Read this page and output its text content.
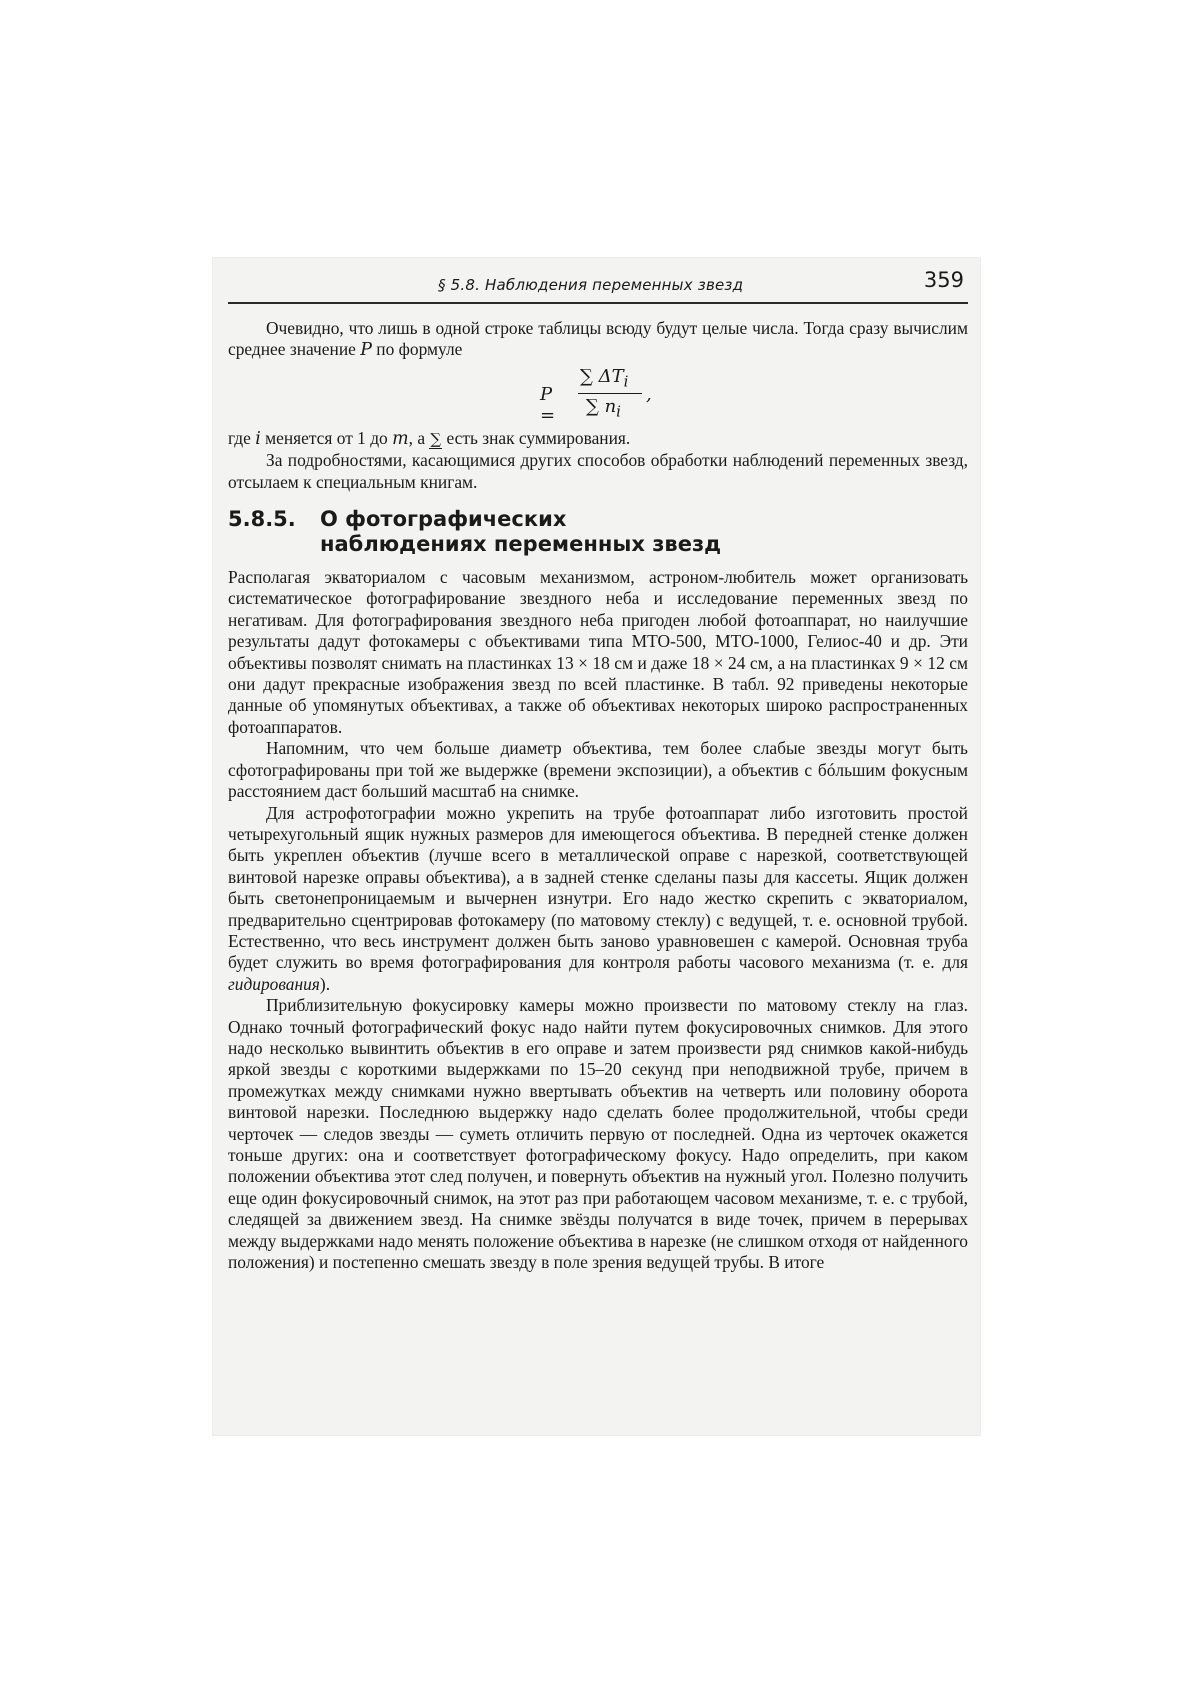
§ 5.8. Наблюдения переменных звезд	359

Очевидно, что лишь в одной строке таблицы всюду будут целые числа. Тогда сразу вычислим среднее значение P по формуле

P =
∑ $\Delta T_i$
∑ $n_i$
,

где i меняется от 1 до m, а ∑ есть знак суммирования.

За подробностями, касающимися других способов обработки наблюдений переменных звезд, отсылаем к специальным книгам.

5.8.5.	О фотографических наблюдениях переменных звезд

Располагая экваториалом с часовым механизмом, астроном-любитель может организовать систематическое фотографирование звездного неба и исследование переменных звезд по негативам. Для фотографирования звездного неба пригоден любой фотоаппарат, но наилучшие результаты дадут фотокамеры с объективами типа МТО-500, МТО-1000, Гелиос-40 и др. Эти объективы позволят снимать на пластинках 13 × 18 см и даже 18 × 24 см, а на пластинках 9 × 12 см они дадут прекрасные изображения звезд по всей пластинке. В табл. 92 приведены некоторые данные об упомянутых объективах, а также об объективах некоторых широко распространенных фотоаппаратов.

Напомним, что чем больше диаметр объектива, тем более слабые звезды могут быть сфотографированы при той же выдержке (времени экспозиции), а объектив с бóльшим фокусным расстоянием даст больший масштаб на снимке.

Для астрофотографии можно укрепить на трубе фотоаппарат либо изготовить простой четырехугольный ящик нужных размеров для имеющегося объектива. В передней стенке должен быть укреплен объектив (лучше всего в металлической оправе с нарезкой, соответствующей винтовой нарезке оправы объектива), а в задней стенке сделаны пазы для кассеты. Ящик должен быть светонепроницаемым и вычернен изнутри. Его надо жестко скрепить с экваториалом, предварительно сцентрировав фотокамеру (по матовому стеклу) с ведущей, т. е. основной трубой. Естественно, что весь инструмент должен быть заново уравновешен с камерой. Основная труба будет служить во время фотографирования для контроля работы часового механизма (т. е. для гидирования).

Приблизительную фокусировку камеры можно произвести по матовому стеклу на глаз. Однако точный фотографический фокус надо найти путем фокусировочных снимков. Для этого надо несколько вывинтить объектив в его оправе и затем произвести ряд снимков какой-нибудь яркой звезды с короткими выдержками по 15–20 секунд при неподвижной трубе, причем в промежутках между снимками нужно ввертывать объектив на четверть или половину оборота винтовой нарезки. Последнюю выдержку надо сделать более продолжительной, чтобы среди черточек — следов звезды — суметь отличить первую от последней. Одна из черточек окажется тоньше других: она и соответствует фотографическому фокусу. Надо определить, при каком положении объектива этот след получен, и повернуть объектив на нужный угол. Полезно получить еще один фокусировочный снимок, на этот раз при работающем часовом механизме, т. е. с трубой, следящей за движением звезд. На снимке звёзды получатся в виде точек, причем в перерывах между выдержками надо менять положение объектива в нарезке (не слишком отходя от найденного положения) и постепенно смешать звезду в поле зрения ведущей трубы. В итоге
